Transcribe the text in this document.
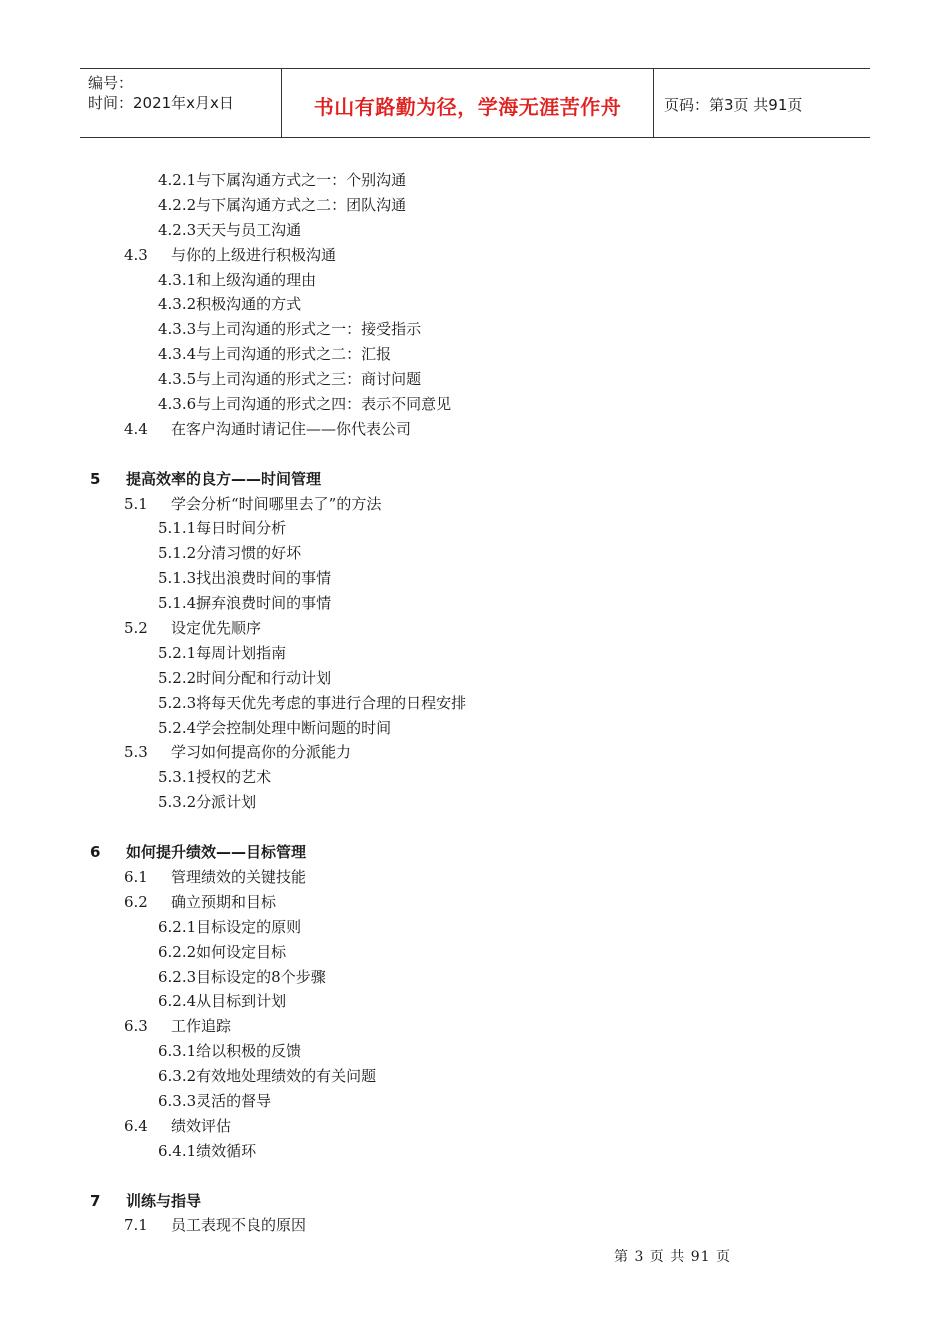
编号：
时间：2021年x月x日	书山有路勤为径，学海无涯苦作舟	页码：第3页 共91页
4.2.1与下属沟通方式之一：个别沟通
4.2.2与下属沟通方式之二：团队沟通
4.2.3天天与员工沟通
4.3 与你的上级进行积极沟通
4.3.1和上级沟通的理由
4.3.2积极沟通的方式
4.3.3与上司沟通的形式之一：接受指示
4.3.4与上司沟通的形式之二：汇报
4.3.5与上司沟通的形式之三：商讨问题
4.3.6与上司沟通的形式之四：表示不同意见
4.4 在客户沟通时请记住——你代表公司
5 提高效率的良方——时间管理
5.1 学会分析“时间哪里去了”的方法
5.1.1每日时间分析
5.1.2分清习惯的好坏
5.1.3找出浪费时间的事情
5.1.4摒弃浪费时间的事情
5.2 设定优先顺序
5.2.1每周计划指南
5.2.2时间分配和行动计划
5.2.3将每天优先考虑的事进行合理的日程安排
5.2.4学会控制处理中断问题的时间
5.3 学习如何提高你的分派能力
5.3.1授权的艺术
5.3.2分派计划
6 如何提升绩效——目标管理
6.1 管理绩效的关键技能
6.2 确立预期和目标
6.2.1目标设定的原则
6.2.2如何设定目标
6.2.3目标设定的8个步骤
6.2.4从目标到计划
6.3 工作追踪
6.3.1给以积极的反馈
6.3.2有效地处理绩效的有关问题
6.3.3灵活的督导
6.4 绩效评估
6.4.1绩效循环
7 训练与指导
7.1 员工表现不良的原因
第 3 页 共 91 页
